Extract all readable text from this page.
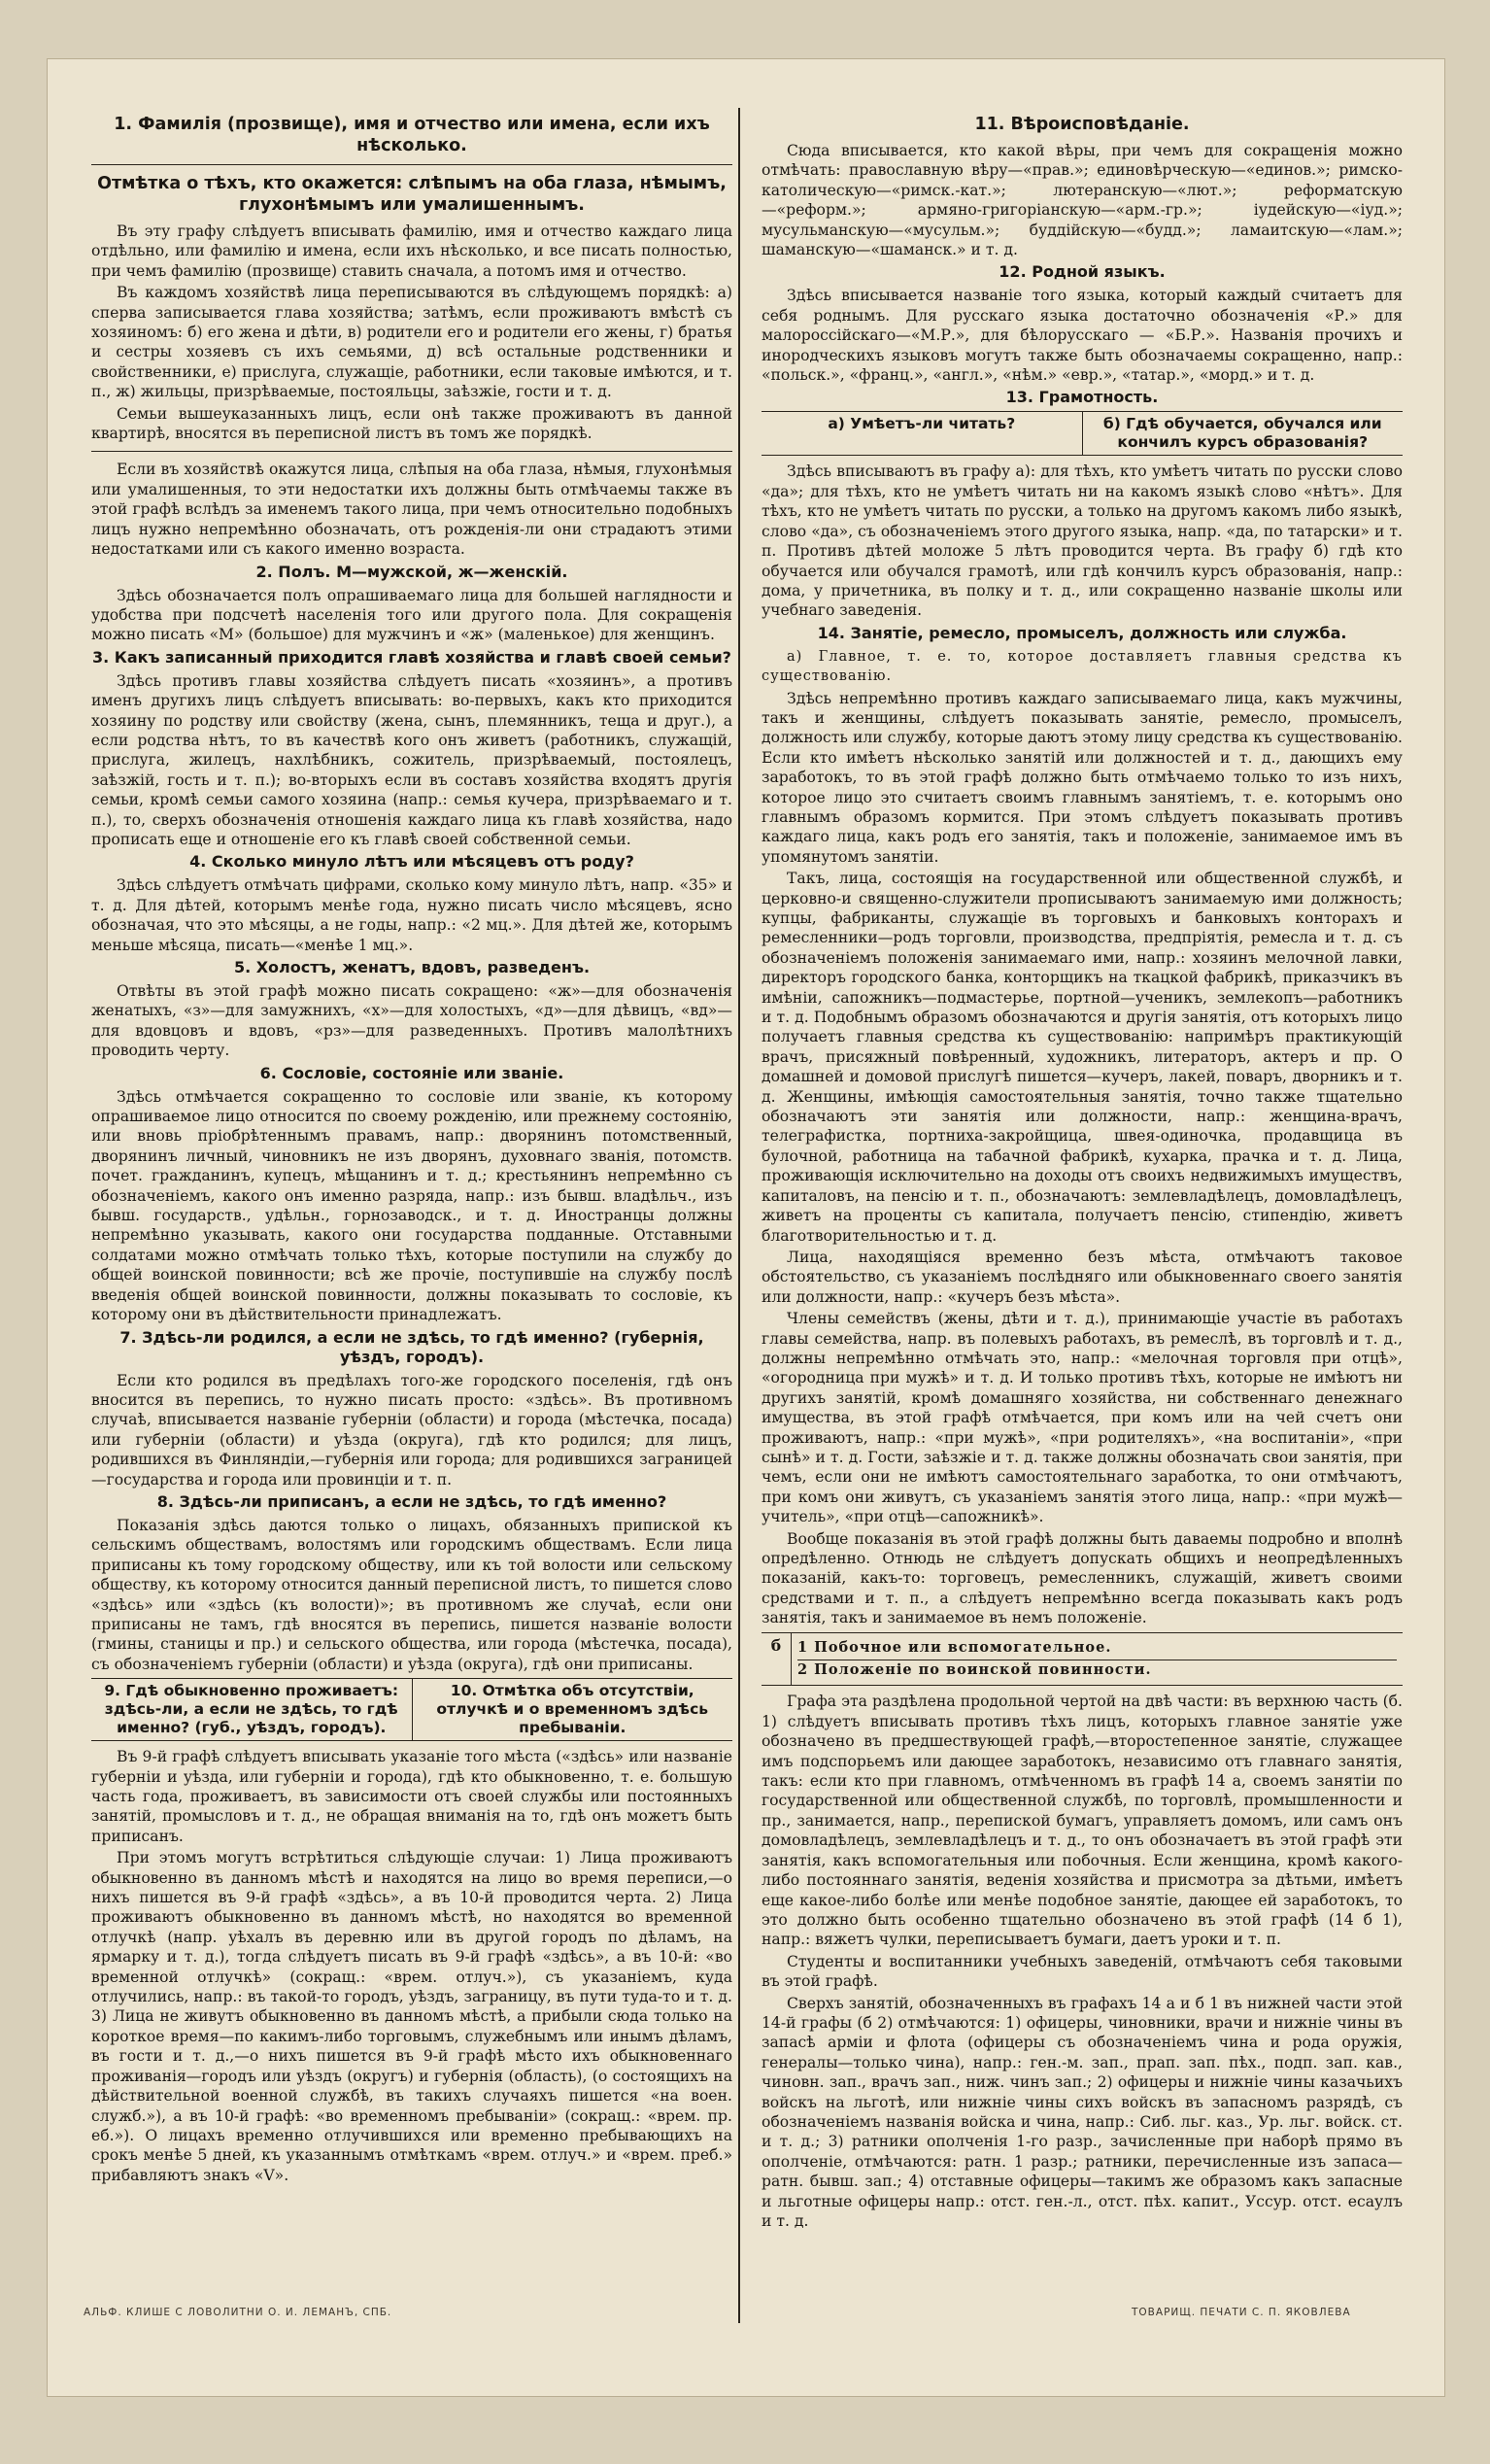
1. Фамилія (прозвище), имя и отчество или имена, если ихъ нѣсколько.
Отмѣтка о тѣхъ, кто окажется: слѣпымъ на оба глаза, нѣмымъ, глухонѣмымъ или умалишеннымъ.

Въ эту графу слѣдуетъ вписывать фамилію, имя и отчество каждаго лица отдѣльно, или фамилію и имена, если ихъ нѣсколько, и все писать полностью, при чемъ фамилію (прозвище) ставить сначала, а потомъ имя и отчество.

Въ каждомъ хозяйствѣ лица переписываются въ слѣдующемъ порядкѣ: а) сперва записывается глава хозяйства; затѣмъ, если проживаютъ вмѣстѣ съ хозяиномъ: б) его жена и дѣти, в) родители его и родители его жены, г) братья и сестры хозяевъ съ ихъ семьями, д) всѣ остальные родственники и свойственники, е) прислуга, служащіе, работники, если таковые имѣются, и т. п., ж) жильцы, призрѣваемые, постояльцы, заѣзжіе, гости и т. д.

Семьи вышеуказанныхъ лицъ, если онѣ также проживаютъ въ данной квартирѣ, вносятся въ переписной листъ въ томъ же порядкѣ.

Если въ хозяйствѣ окажутся лица, слѣпыя на оба глаза, нѣмыя, глухонѣмыя или умалишенныя, то эти недостатки ихъ должны быть отмѣчаемы также въ этой графѣ вслѣдъ за именемъ такого лица, при чемъ относительно подобныхъ лицъ нужно непремѣнно обозначать, отъ рожденія-ли они страдаютъ этими недостатками или съ какого именно возраста.

2. Полъ. М—мужской, ж—женскій.

Здѣсь обозначается полъ опрашиваемаго лица для большей наглядности и удобства при подсчетѣ населенія того или другого пола. Для сокращенія можно писать «М» (большое) для мужчинъ и «ж» (маленькое) для женщинъ.

3. Какъ записанный приходится главѣ хозяйства и главѣ своей семьи?

Здѣсь противъ главы хозяйства слѣдуетъ писать «хозяинъ», а противъ именъ другихъ лицъ слѣдуетъ вписывать: во-первыхъ, какъ кто приходится хозяину по родству или свойству (жена, сынъ, племянникъ, теща и друг.), а если родства нѣтъ, то въ качествѣ кого онъ живетъ (работникъ, служащій, прислуга, жилецъ, нахлѣбникъ, сожитель, призрѣваемый, постоялецъ, заѣзжій, гость и т. п.); во-вторыхъ если въ составъ хозяйства входятъ другія семьи, кромѣ семьи самого хозяина (напр.: семья кучера, призрѣваемаго и т. п.), то, сверхъ обозначенія отношенія каждаго лица къ главѣ хозяйства, надо прописать еще и отношеніе его къ главѣ своей собственной семьи.

4. Сколько минуло лѣтъ или мѣсяцевъ отъ роду?

Здѣсь слѣдуетъ отмѣчать цифрами, сколько кому минуло лѣтъ, напр. «35» и т. д. Для дѣтей, которымъ менѣе года, нужно писать число мѣсяцевъ, ясно обозначая, что это мѣсяцы, а не годы, напр.: «2 мц.». Для дѣтей же, которымъ меньше мѣсяца, писать—«менѣе 1 мц.».

5. Холостъ, женатъ, вдовъ, разведенъ.

Отвѣты въ этой графѣ можно писать сокращено: «ж»—для обозначенія женатыхъ, «з»—для замужнихъ, «х»—для холостыхъ, «д»—для дѣвицъ, «вд»—для вдовцовъ и вдовъ, «рз»—для разведенныхъ. Противъ малолѣтнихъ проводить черту.

6. Сословіе, состояніе или званіе.

Здѣсь отмѣчается сокращенно то сословіе или званіе, къ которому опрашиваемое лицо относится по своему рожденію, или прежнему состоянію, или вновь пріобрѣтеннымъ правамъ, напр.: дворянинъ потомственный, дворянинъ личный, чиновникъ не изъ дворянъ, духовнаго званія, потомств. почет. гражданинъ, купецъ, мѣщанинъ и т. д.; крестьянинъ непремѣнно съ обозначеніемъ, какого онъ именно разряда, напр.: изъ бывш. владѣльч., изъ бывш. государств., удѣльн., горнозаводск., и т. д. Иностранцы должны непремѣнно указывать, какого они государства подданные. Отставными солдатами можно отмѣчать только тѣхъ, которые поступили на службу до общей воинской повинности; всѣ же прочіе, поступившіе на службу послѣ введенія общей воинской повинности, должны показывать то сословіе, къ которому они въ дѣйствительности принадлежатъ.

7. Здѣсь-ли родился, а если не здѣсь, то гдѣ именно? (губернія, уѣздъ, городъ).

Если кто родился въ предѣлахъ того-же городского поселенія, гдѣ онъ вносится въ перепись, то нужно писать просто: «здѣсь». Въ противномъ случаѣ, вписывается названіе губерніи (области) и города (мѣстечка, посада) или губерніи (области) и уѣзда (округа), гдѣ кто родился; для лицъ, родившихся въ Финляндіи,—губернія или города; для родившихся заграницей—государства и города или провинціи и т. п.

8. Здѣсь-ли приписанъ, а если не здѣсь, то гдѣ именно?

Показанія здѣсь даются только о лицахъ, обязанныхъ припиской къ сельскимъ обществамъ, волостямъ или городскимъ обществамъ. Если лица приписаны къ тому городскому обществу, или къ той волости или сельскому обществу, къ которому относится данный переписной листъ, то пишется слово «здѣсь» или «здѣсь (къ волости)»; въ противномъ же случаѣ, если они приписаны не тамъ, гдѣ вносятся въ перепись, пишется названіе волости (гмины, станицы и пр.) и сельского общества, или города (мѣстечка, посада), съ обозначеніемъ губерніи (области) и уѣзда (округа), гдѣ они приписаны.

9. Гдѣ обыкновенно проживаетъ: здѣсь-ли, а если не здѣсь, то гдѣ именно? (губ., уѣздъ, городъ).
10. Отмѣтка объ отсутствіи, отлучкѣ и о временномъ здѣсь пребываніи.

Въ 9-й графѣ слѣдуетъ вписывать указаніе того мѣста («здѣсь» или названіе губерніи и уѣзда, или губерніи и города), гдѣ кто обыкновенно, т. е. большую часть года, проживаетъ, въ зависимости отъ своей службы или постоянныхъ занятій, промысловъ и т. д., не обращая вниманія на то, гдѣ онъ можетъ быть приписанъ.

При этомъ могутъ встрѣтиться слѣдующіе случаи: 1) Лица проживаютъ обыкновенно въ данномъ мѣстѣ и находятся на лицо во время переписи,—о нихъ пишется въ 9-й графѣ «здѣсь», а въ 10-й проводится черта. 2) Лица проживаютъ обыкновенно въ данномъ мѣстѣ, но находятся во временной отлучкѣ (напр. уѣхалъ въ деревню или въ другой городъ по дѣламъ, на ярмарку и т. д.), тогда слѣдуетъ писать въ 9-й графѣ «здѣсь», а въ 10-й: «во временной отлучкѣ» (сокращ.: «врем. отлуч.»), съ указаніемъ, куда отлучились, напр.: въ такой-то городъ, уѣздъ, заграницу, въ пути туда-то и т. д. 3) Лица не живутъ обыкновенно въ данномъ мѣстѣ, а прибыли сюда только на короткое время—по какимъ-либо торговымъ, служебнымъ или инымъ дѣламъ, въ гости и т. д.,—о нихъ пишется въ 9-й графѣ мѣсто ихъ обыкновеннаго проживанія—городъ или уѣздъ (округъ) и губернія (область), (о состоящихъ на дѣйствительной военной службѣ, въ такихъ случаяхъ пишется «на воен. служб.»), а въ 10-й графѣ: «во временномъ пребываніи» (сокращ.: «врем. пр. еб.»). О лицахъ временно отлучившихся или временно пребывающихъ на срокъ менѣе 5 дней, къ указаннымъ отмѣткамъ «врем. отлуч.» и «врем. преб.» прибавляютъ знакъ «V».

11. Вѣроисповѣданіе.

Сюда вписывается, кто какой вѣры, при чемъ для сокращенія можно отмѣчать: православную вѣру—«прав.»; единовѣрческую—«единов.»; римско-католическую—«римск.-кат.»; лютеранскую—«лют.»; реформатскую—«реформ.»; армяно-григоріанскую—«арм.-гр.»; іудейскую—«іуд.»; мусульманскую—«мусульм.»; буддійскую—«будд.»; ламаитскую—«лам.»; шаманскую—«шаманск.» и т. д.

12. Родной языкъ.

Здѣсь вписывается названіе того языка, который каждый считаетъ для себя роднымъ. Для русскаго языка достаточно обозначенія «Р.» для малороссійскаго—«М.Р.», для бѣлорусскаго — «Б.Р.». Названія прочихъ и инородческихъ языковъ могутъ также быть обозначаемы сокращенно, напр.: «польск.», «франц.», «англ.», «нѣм.» «евр.», «татар.», «морд.» и т. д.

13. Грамотность.
а) Умѣетъ-ли читать?	б) Гдѣ обучается, обучался или кончилъ курсъ образованія?

Здѣсь вписываютъ въ графу а): для тѣхъ, кто умѣетъ читать по русски слово «да»; для тѣхъ, кто не умѣетъ читать ни на какомъ языкѣ слово «нѣтъ». Для тѣхъ, кто не умѣетъ читать по русски, а только на другомъ какомъ либо языкѣ, слово «да», съ обозначеніемъ этого другого языка, напр. «да, по татарски» и т. п. Противъ дѣтей моложе 5 лѣтъ проводится черта. Въ графу б) гдѣ кто обучается или обучался грамотѣ, или гдѣ кончилъ курсъ образованія, напр.: дома, у причетника, въ полку и т. д., или сокращенно названіе школы или учебнаго заведенія.

14. Занятіе, ремесло, промыселъ, должность или служба.

а) Главное, т. е. то, которое доставляетъ главныя средства къ существованію.

Здѣсь непремѣнно противъ каждаго записываемаго лица, какъ мужчины, такъ и женщины, слѣдуетъ показывать занятіе, ремесло, промыселъ, должность или службу, которые даютъ этому лицу средства къ существованію. Если кто имѣетъ нѣсколько занятій или должностей и т. д., дающихъ ему заработокъ, то въ этой графѣ должно быть отмѣчаемо только то изъ нихъ, которое лицо это считаетъ своимъ главнымъ занятіемъ, т. е. которымъ оно главнымъ образомъ кормится. При этомъ слѣдуетъ показывать противъ каждаго лица, какъ родъ его занятія, такъ и положеніе, занимаемое имъ въ упомянутомъ занятіи.

Такъ, лица, состоящія на государственной или общественной службѣ, и церковно-и священно-служители прописываютъ занимаемую ими должность; купцы, фабриканты, служащіе въ торговыхъ и банковыхъ конторахъ и ремесленники—родъ торговли, производства, предпріятія, ремесла и т. д. съ обозначеніемъ положенія занимаемаго ими, напр.: хозяинъ мелочной лавки, директоръ городского банка, конторщикъ на ткацкой фабрикѣ, приказчикъ въ имѣніи, сапожникъ—подмастерье, портной—ученикъ, землекопъ—работникъ и т. д. Подобнымъ образомъ обозначаются и другія занятія, отъ которыхъ лицо получаетъ главныя средства къ существованію: напримѣръ практикующій врачъ, присяжный повѣренный, художникъ, литераторъ, актеръ и пр. О домашней и домовой прислугѣ пишется—кучеръ, лакей, поваръ, дворникъ и т. д. Женщины, имѣющія самостоятельныя занятія, точно также тщательно обозначаютъ эти занятія или должности, напр.: женщина-врачъ, телеграфистка, портниха-закройщица, швея-одиночка, продавщица въ булочной, работница на табачной фабрикѣ, кухарка, прачка и т. д. Лица, проживающія исключительно на доходы отъ своихъ недвижимыхъ имуществъ, капиталовъ, на пенсію и т. п., обозначаютъ: землевладѣлецъ, домовладѣлецъ, живетъ на проценты съ капитала, получаетъ пенсію, стипендію, живетъ благотворительностью и т. д.

Лица, находящіяся временно безъ мѣста, отмѣчаютъ таковое обстоятельство, съ указаніемъ послѣдняго или обыкновеннаго своего занятія или должности, напр.: «кучеръ безъ мѣста».

Члены семействъ (жены, дѣти и т. д.), принимающіе участіе въ работахъ главы семейства, напр. въ полевыхъ работахъ, въ ремеслѣ, въ торговлѣ и т. д., должны непремѣнно отмѣчать это, напр.: «мелочная торговля при отцѣ», «огородница при мужѣ» и т. д. И только противъ тѣхъ, которые не имѣютъ ни другихъ занятій, кромѣ домашняго хозяйства, ни собственнаго денежнаго имущества, въ этой графѣ отмѣчается, при комъ или на чей счетъ они проживаютъ, напр.: «при мужѣ», «при родителяхъ», «на воспитаніи», «при сынѣ» и т. д. Гости, заѣзжіе и т. д. также должны обозначать свои занятія, при чемъ, если они не имѣютъ самостоятельнаго заработка, то они отмѣчаютъ, при комъ они живутъ, съ указаніемъ занятія этого лица, напр.: «при мужѣ—учитель», «при отцѣ—сапожникѣ».

Вообще показанія въ этой графѣ должны быть даваемы подробно и вполнѣ опредѣленно. Отнюдь не слѣдуетъ допускать общихъ и неопредѣленныхъ показаній, какъ-то: торговецъ, ремесленникъ, служащій, живетъ своими средствами и т. п., а слѣдуетъ непремѣнно всегда показывать какъ родъ занятія, такъ и занимаемое въ немъ положеніе.

б	1 Побочное или вспомогательное.
2 Положеніе по воинской повинности.

Графа эта раздѣлена продольной чертой на двѣ части: въ верхнюю часть (б. 1) слѣдуетъ вписывать противъ тѣхъ лицъ, которыхъ главное занятіе уже обозначено въ предшествующей графѣ,—второстепенное занятіе, служащее имъ подспорьемъ или дающее заработокъ, независимо отъ главнаго занятія, такъ: если кто при главномъ, отмѣченномъ въ графѣ 14 а, своемъ занятіи по государственной или общественной службѣ, по торговлѣ, промышленности и пр., занимается, напр., перепиской бумагъ, управляетъ домомъ, или самъ онъ домовладѣлецъ, землевладѣлецъ и т. д., то онъ обозначаетъ въ этой графѣ эти занятія, какъ вспомогательныя или побочныя. Если женщина, кромѣ какого-либо постояннаго занятія, веденія хозяйства и присмотра за дѣтьми, имѣетъ еще какое-либо болѣе или менѣе подобное занятіе, дающее ей заработокъ, то это должно быть особенно тщательно обозначено въ этой графѣ (14 б 1), напр.: вяжетъ чулки, переписываетъ бумаги, даетъ уроки и т. п.

Студенты и воспитанники учебныхъ заведеній, отмѣчаютъ себя таковыми въ этой графѣ.

Сверхъ занятій, обозначенныхъ въ графахъ 14 а и б 1 въ нижней части этой 14-й графы (б 2) отмѣчаются: 1) офицеры, чиновники, врачи и нижніе чины въ запасѣ арміи и флота (офицеры съ обозначеніемъ чина и рода оружія, генералы—только чина), напр.: ген.-м. зап., прап. зап. пѣх., подп. зап. кав., чиновн. зап., врачъ зап., ниж. чинъ зап.; 2) офицеры и нижніе чины казачьихъ войскъ на льготѣ, или нижніе чины сихъ войскъ въ запасномъ разрядѣ, съ обозначеніемъ названія войска и чина, напр.: Сиб. льг. каз., Ур. льг. войск. ст. и т. д.; 3) ратники ополченія 1-го разр., зачисленные при наборѣ прямо въ ополченіе, отмѣчаются: ратн. 1 разр.; ратники, перечисленные изъ запаса—ратн. бывш. зап.; 4) отставные офицеры—такимъ же образомъ какъ запасные и льготные офицеры напр.: отст. ген.-л., отст. пѣх. капит., Уссур. отст. есаулъ и т. д.

АЛЬФ. КЛИШЕ С ЛОВОЛИТНИ О. И. ЛЕМАНЪ, СПБ.	ТОВАРИЩ. ПЕЧАТИ С. П. ЯКОВЛЕВА
